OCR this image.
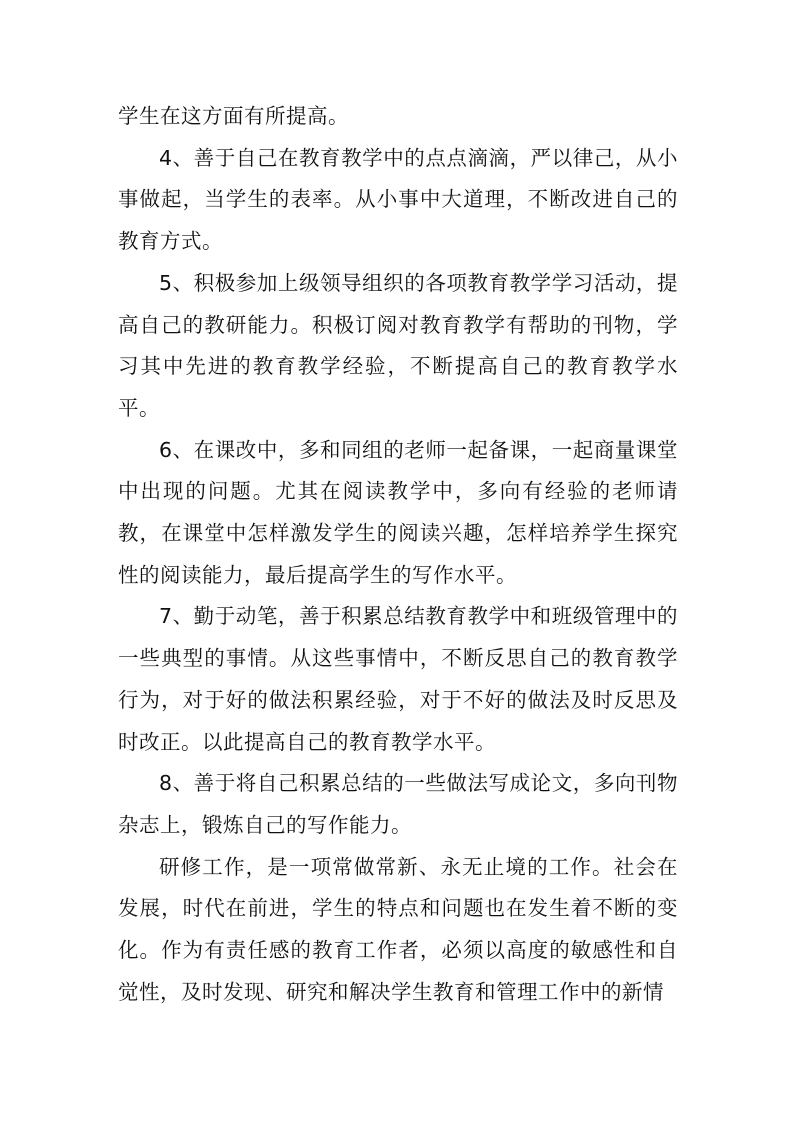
学生在这方面有所提高。

4、善于自己在教育教学中的点点滴滴，严以律己，从小事做起，当学生的表率。从小事中大道理，不断改进自己的教育方式。

5、积极参加上级领导组织的各项教育教学学习活动，提高自己的教研能力。积极订阅对教育教学有帮助的刊物，学习其中先进的教育教学经验，不断提高自己的教育教学水平。

6、在课改中，多和同组的老师一起备课，一起商量课堂中出现的问题。尤其在阅读教学中，多向有经验的老师请教，在课堂中怎样激发学生的阅读兴趣，怎样培养学生探究性的阅读能力，最后提高学生的写作水平。

7、勤于动笔，善于积累总结教育教学中和班级管理中的一些典型的事情。从这些事情中，不断反思自己的教育教学行为，对于好的做法积累经验，对于不好的做法及时反思及时改正。以此提高自己的教育教学水平。

8、善于将自己积累总结的一些做法写成论文，多向刊物杂志上，锻炼自己的写作能力。

研修工作，是一项常做常新、永无止境的工作。社会在发展，时代在前进，学生的特点和问题也在发生着不断的变化。作为有责任感的教育工作者，必须以高度的敏感性和自觉性，及时发现、研究和解决学生教育和管理工作中的新情
